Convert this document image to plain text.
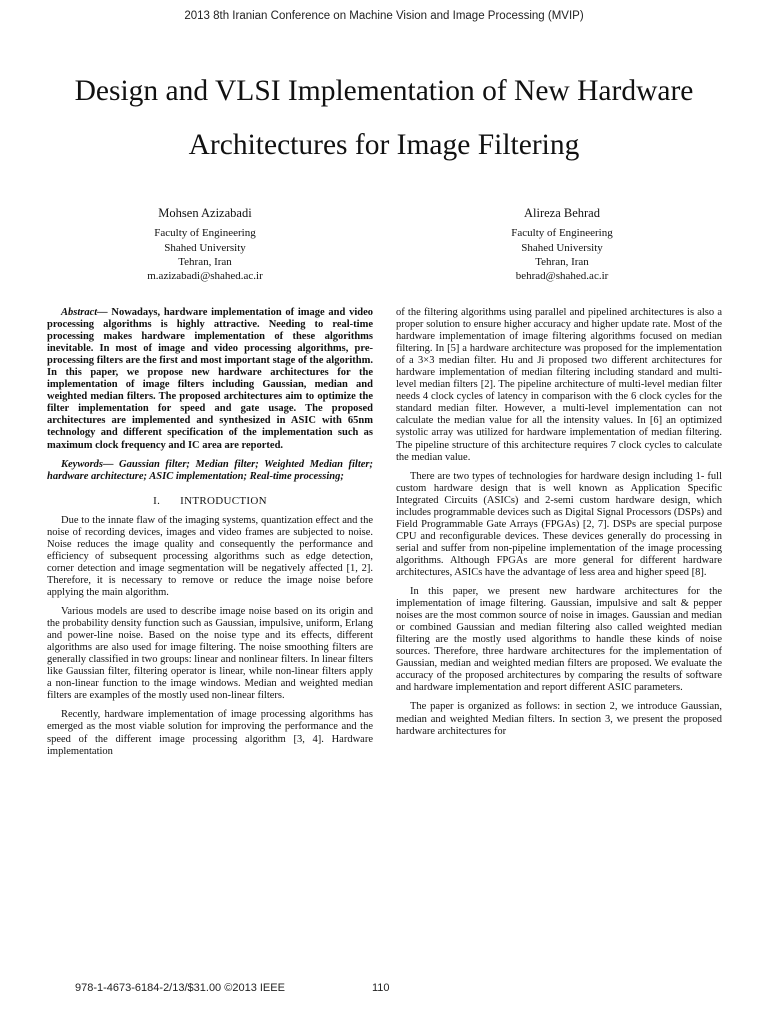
2013 8th Iranian Conference on Machine Vision and Image Processing (MVIP)
Design and VLSI Implementation of New Hardware
Architectures for Image Filtering
Mohsen Azizabadi
Faculty of Engineering
Shahed University
Tehran, Iran
m.azizabadi@shahed.ac.ir
Alireza Behrad
Faculty of Engineering
Shahed University
Tehran, Iran
behrad@shahed.ac.ir

Abstract— Nowadays, hardware implementation of image and video processing algorithms is highly attractive. Needing to real-time processing makes hardware implementation of these algorithms inevitable. In most of image and video processing algorithms, pre-processing filters are the first and most important stage of the algorithm. In this paper, we propose new hardware architectures for the implementation of image filters including Gaussian, median and weighted median filters. The proposed architectures aim to optimize the filter implementation for speed and gate usage. The proposed architectures are implemented and synthesized in ASIC with 65nm technology and different specification of the implementation such as maximum clock frequency and IC area are reported.

Keywords— Gaussian filter; Median filter; Weighted Median filter; hardware architecture; ASIC implementation; Real-time processing;

I. INTRODUCTION

Due to the innate flaw of the imaging systems, quantization effect and the noise of recording devices, images and video frames are subjected to noise. Noise reduces the image quality and consequently the performance and efficiency of subsequent processing algorithms such as edge detection, corner detection and image segmentation will be negatively affected [1, 2]. Therefore, it is necessary to remove or reduce the image noise before applying the main algorithm.

Various models are used to describe image noise based on its origin and the probability density function such as Gaussian, impulsive, uniform, Erlang and power-line noise. Based on the noise type and its effects, different algorithms are also used for image filtering. The noise smoothing filters are generally classified in two groups: linear and nonlinear filters. In linear filters like Gaussian filter, filtering operator is linear, while non-linear filters apply a non-linear function to the image windows. Median and weighted median filters are examples of the mostly used non-linear filters.

Recently, hardware implementation of image processing algorithms has emerged as the most viable solution for improving the performance and the speed of the different image processing algorithm [3, 4]. Hardware implementation

of the filtering algorithms using parallel and pipelined architectures is also a proper solution to ensure higher accuracy and higher update rate. Most of the hardware implementation of image filtering algorithms focused on median filtering. In [5] a hardware architecture was proposed for the implementation of a 3×3 median filter. Hu and Ji proposed two different architectures for hardware implementation of median filtering including standard and multi-level median filters [2]. The pipeline architecture of multi-level median filter needs 4 clock cycles of latency in comparison with the 6 clock cycles for the standard median filter. However, a multi-level implementation can not calculate the median value for all the intensity values. In [6] an optimized systolic array was utilized for hardware implementation of median filtering. The pipeline structure of this architecture requires 7 clock cycles to calculate the median value.

There are two types of technologies for hardware design including 1- full custom hardware design that is well known as Application Specific Integrated Circuits (ASICs) and 2-semi custom hardware design, which includes programmable devices such as Digital Signal Processors (DSPs) and Field Programmable Gate Arrays (FPGAs) [2, 7]. DSPs are special purpose CPU and reconfigurable devices. These devices generally do processing in serial and suffer from non-pipeline implementation of the image processing algorithms. Although FPGAs are more general for different hardware architectures, ASICs have the advantage of less area and higher speed [8].

In this paper, we present new hardware architectures for the implementation of image filtering. Gaussian, impulsive and salt & pepper noises are the most common source of noise in images. Gaussian and median or combined Gaussian and median filtering also called weighted median filtering are the mostly used algorithms to handle these kinds of noise sources. Therefore, three hardware architectures for the implementation of Gaussian, median and weighted median filters are proposed. We evaluate the accuracy of the proposed architectures by comparing the results of software and hardware implementation and report different ASIC parameters.

The paper is organized as follows: in section 2, we introduce Gaussian, median and weighted Median filters. In section 3, we present the proposed hardware architectures for

978-1-4673-6184-2/13/$31.00 ©2013 IEEE	110
